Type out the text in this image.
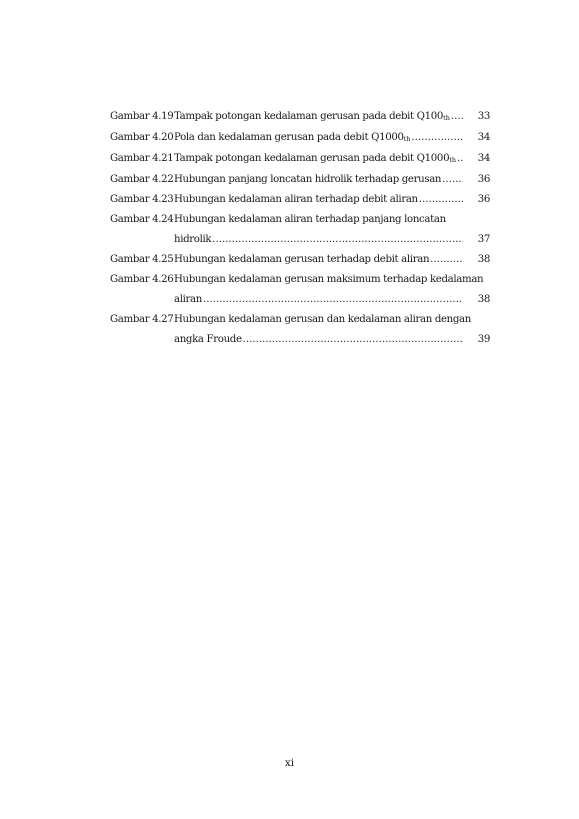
Gambar 4.19 Tampak potongan kedalaman gerusan pada debit $Q100_{th}$ .....	33
Gambar 4.20 Pola dan kedalaman gerusan pada debit $Q1000_{th}$ .....	34
Gambar 4.21 Tampak potongan kedalaman gerusan pada debit $Q1000_{th}$ .....	34
Gambar 4.22 Hubungan panjang loncatan hidrolik terhadap gerusan .....	36
Gambar 4.23 Hubungan kedalaman aliran terhadap debit aliran .....	36
Gambar 4.24 Hubungan kedalaman aliran terhadap panjang loncatan
hidrolik .....	37
Gambar 4.25 Hubungan kedalaman gerusan terhadap debit aliran .....	38
Gambar 4.26 Hubungan kedalaman gerusan maksimum terhadap kedalaman
aliran .....	38
Gambar 4.27 Hubungan kedalaman gerusan dan kedalaman aliran dengan
angka Froude .....	39
xi
